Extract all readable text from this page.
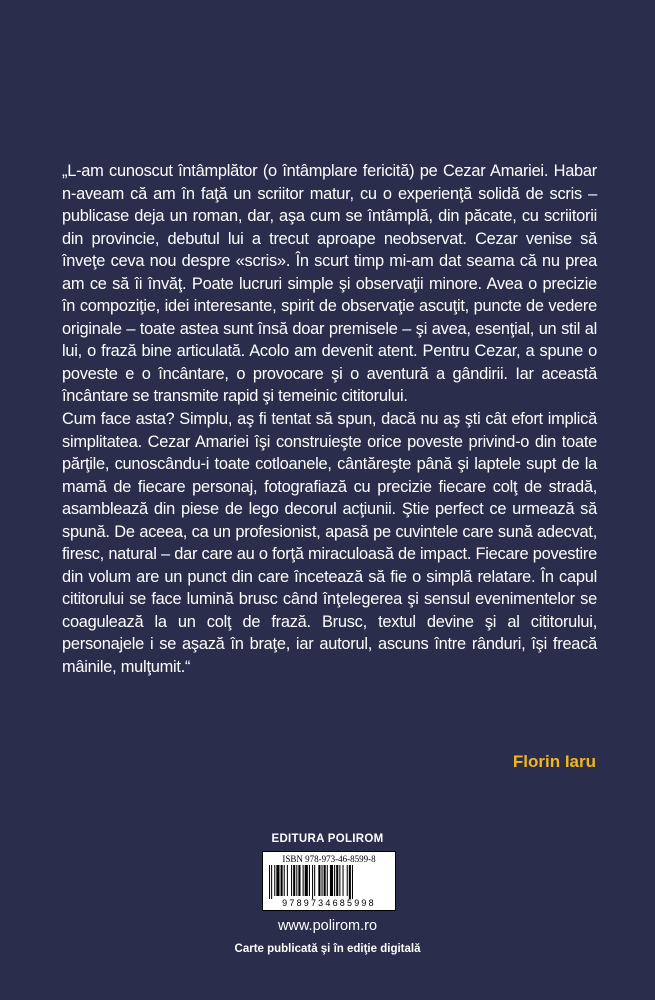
„L-am cunoscut întâmplător (o întâmplare fericită) pe Cezar Amariei. Habar n-aveam că am în faţă un scriitor matur, cu o experienţă solidă de scris – publicase deja un roman, dar, aşa cum se întâmplă, din păcate, cu scriitorii din provincie, debutul lui a trecut aproape neobservat. Cezar venise să înveţe ceva nou despre «scris». În scurt timp mi-am dat seama că nu prea am ce să îi învăţ. Poate lucruri simple şi observaţii minore. Avea o precizie în compoziţie, idei interesante, spirit de observaţie ascuţit, puncte de vedere originale – toate astea sunt însă doar premisele – şi avea, esenţial, un stil al lui, o frază bine articulată. Acolo am devenit atent. Pentru Cezar, a spune o poveste e o încântare, o provocare şi o aventură a gândirii. Iar această încântare se transmite rapid şi temeinic cititorului.

Cum face asta? Simplu, aş fi tentat să spun, dacă nu aş şti cât efort implică simplitatea. Cezar Amariei îşi construieşte orice poveste privind-o din toate părţile, cunoscându-i toate cotloanele, cântăreşte până şi laptele supt de la mamă de fiecare personaj, fotografiază cu precizie fiecare colţ de stradă, asamblează din piese de lego decorul acţiunii. Ştie perfect ce urmează să spună. De aceea, ca un profesionist, apasă pe cuvintele care sună adecvat, firesc, natural – dar care au o forţă miraculoasă de impact. Fiecare povestire din volum are un punct din care încetează să fie o simplă relatare. În capul cititorului se face lumină brusc când înţelegerea şi sensul evenimentelor se coagulează la un colţ de frază. Brusc, textul devine şi al cititorului, personajele i se aşază în braţe, iar autorul, ascuns între rânduri, îşi freacă mâinile, mulţumit.“

Florin Iaru
EDITURA POLIROM
ISBN 978-973-46-8599-8
9789734685998
www.polirom.ro
Carte publicată şi în ediţie digitală
